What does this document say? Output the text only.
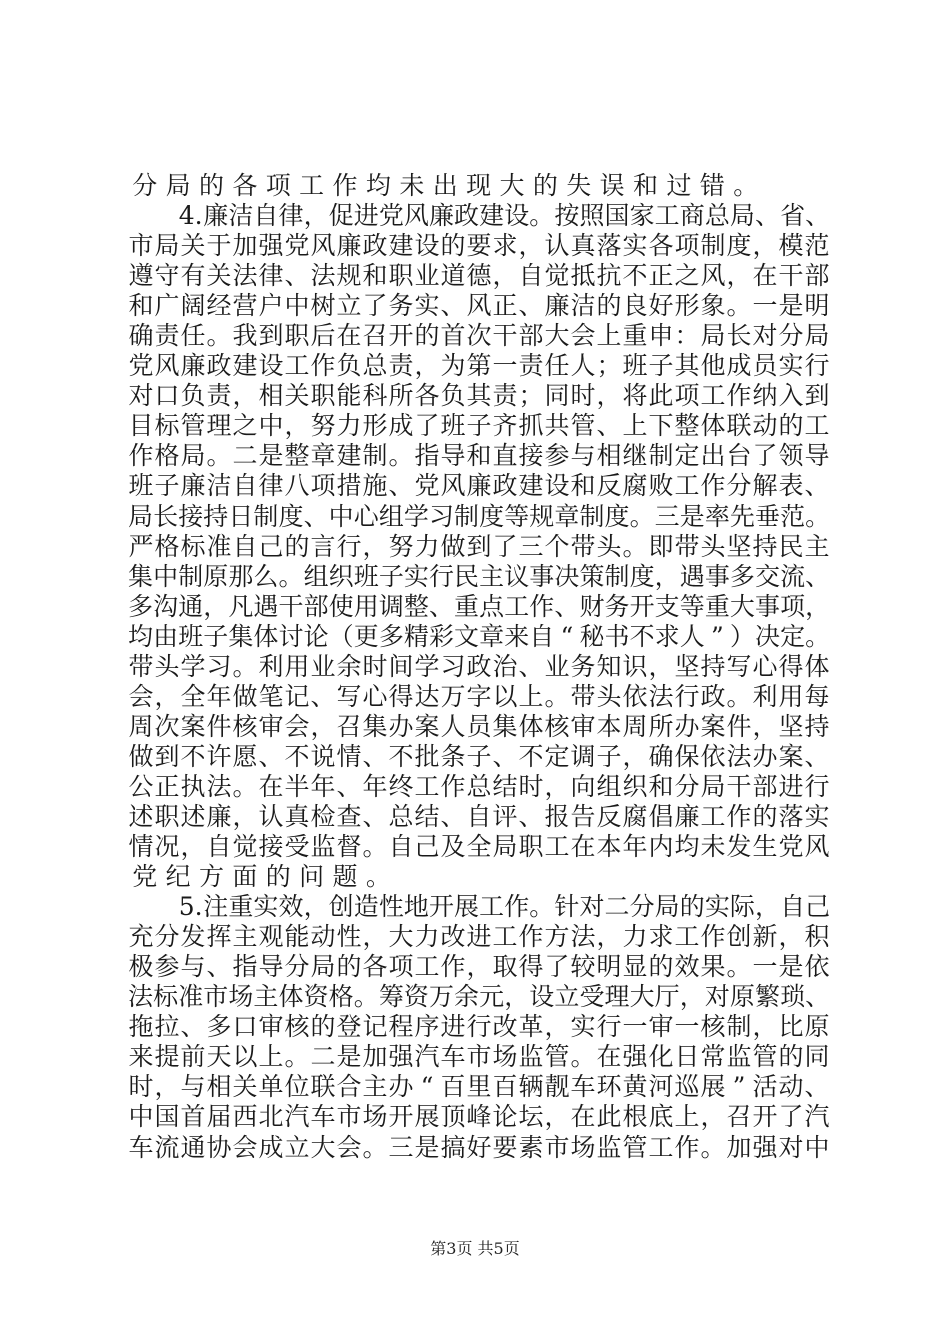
分 局 的 各 项 工 作 均 未 出 现 大 的 失 误 和 过 错 。

4. 廉 洁 自 律 ， 促 进 党 风 廉 政 建 设 。 按 照 国 家 工 商 总 局 、 省 、
市 局 关 于 加 强 党 风 廉 政 建 设 的 要 求 ， 认 真 落 实 各 项 制 度 ， 模 范
遵 守 有 关 法 律 、 法 规 和 职 业 道 德 ， 自 觉 抵 抗 不 正 之 风 ， 在 干 部
和 广 阔 经 营 户 中 树 立 了 务 实 、 风 正 、 廉 洁 的 良 好 形 象 。 一 是 明
确 责 任 。 我 到 职 后 在 召 开 的 首 次 干 部 大 会 上 重 申 ： 局 长 对 分 局
党 风 廉 政 建 设 工 作 负 总 责 ， 为 第 一 责 任 人 ； 班 子 其 他 成 员 实 行
对 口 负 责 ， 相 关 职 能 科 所 各 负 其 责 ； 同 时 ， 将 此 项 工 作 纳 入 到
目 标 管 理 之 中 ， 努 力 形 成 了 班 子 齐 抓 共 管 、 上 下 整 体 联 动 的 工
作 格 局 。 二 是 整 章 建 制 。 指 导 和 直 接 参 与 相 继 制 定 出 台 了 领 导
班 子 廉 洁 自 律 八 项 措 施 、 党 风 廉 政 建 设 和 反 腐 败 工 作 分 解 表 、
局 长 接 持 日 制 度 、 中 心 组 学 习 制 度 等 规 章 制 度 。 三 是 率 先 垂 范 。
严 格 标 准 自 己 的 言 行 ， 努 力 做 到 了 三 个 带 头 。 即 带 头 坚 持 民 主
集 中 制 原 那 么 。 组 织 班 子 实 行 民 主 议 事 决 策 制 度 ， 遇 事 多 交 流 、
多 沟 通 ， 凡 遇 干 部 使 用 调 整 、 重 点 工 作 、 财 务 开 支 等 重 大 事 项 ，
均 由 班 子 集 体 讨 论 （ 更 多 精 彩 文 章 来 自 “ 秘 书 不 求 人 ” ） 决 定 。
带 头 学 习 。 利 用 业 余 时 间 学 习 政 治 、 业 务 知 识 ， 坚 持 写 心 得 体
会 ， 全 年 做 笔 记 、 写 心 得 达 万 字 以 上 。 带 头 依 法 行 政 。 利 用 每
周 次 案 件 核 审 会 ， 召 集 办 案 人 员 集 体 核 审 本 周 所 办 案 件 ， 坚 持
做 到 不 许 愿 、 不 说 情 、 不 批 条 子 、 不 定 调 子 ， 确 保 依 法 办 案 、
公 正 执 法 。 在 半 年 、 年 终 工 作 总 结 时 ， 向 组 织 和 分 局 干 部 进 行
述 职 述 廉 ， 认 真 检 查 、 总 结 、 自 评 、 报 告 反 腐 倡 廉 工 作 的 落 实
情 况 ， 自 觉 接 受 监 督 。 自 己 及 全 局 职 工 在 本 年 内 均 未 发 生 党 风
党 纪 方 面 的 问 题 。

5. 注 重 实 效 ， 创 造 性 地 开 展 工 作 。 针 对 二 分 局 的 实 际 ， 自 己
充 分 发 挥 主 观 能 动 性 ， 大 力 改 进 工 作 方 法 ， 力 求 工 作 创 新 ， 积
极 参 与 、 指 导 分 局 的 各 项 工 作 ， 取 得 了 较 明 显 的 效 果 。 一 是 依
法 标 准 市 场 主 体 资 格 。 筹 资 万 余 元 ， 设 立 受 理 大 厅 ， 对 原 繁 琐 、
拖 拉 、 多 口 审 核 的 登 记 程 序 进 行 改 革 ， 实 行 一 审 一 核 制 ， 比 原
来 提 前 天 以 上 。 二 是 加 强 汽 车 市 场 监 管 。 在 强 化 日 常 监 管 的 同
时 ， 与 相 关 单 位 联 合 主 办 “ 百 里 百 辆 靓 车 环 黄 河 巡 展 ” 活 动 、
中 国 首 届 西 北 汽 车 市 场 开 展 顶 峰 论 坛 ， 在 此 根 底 上 ， 召 开 了 汽
车 流 通 协 会 成 立 大 会 。 三 是 搞 好 要 素 市 场 监 管 工 作 。 加 强 对 中
第3页 共5页
